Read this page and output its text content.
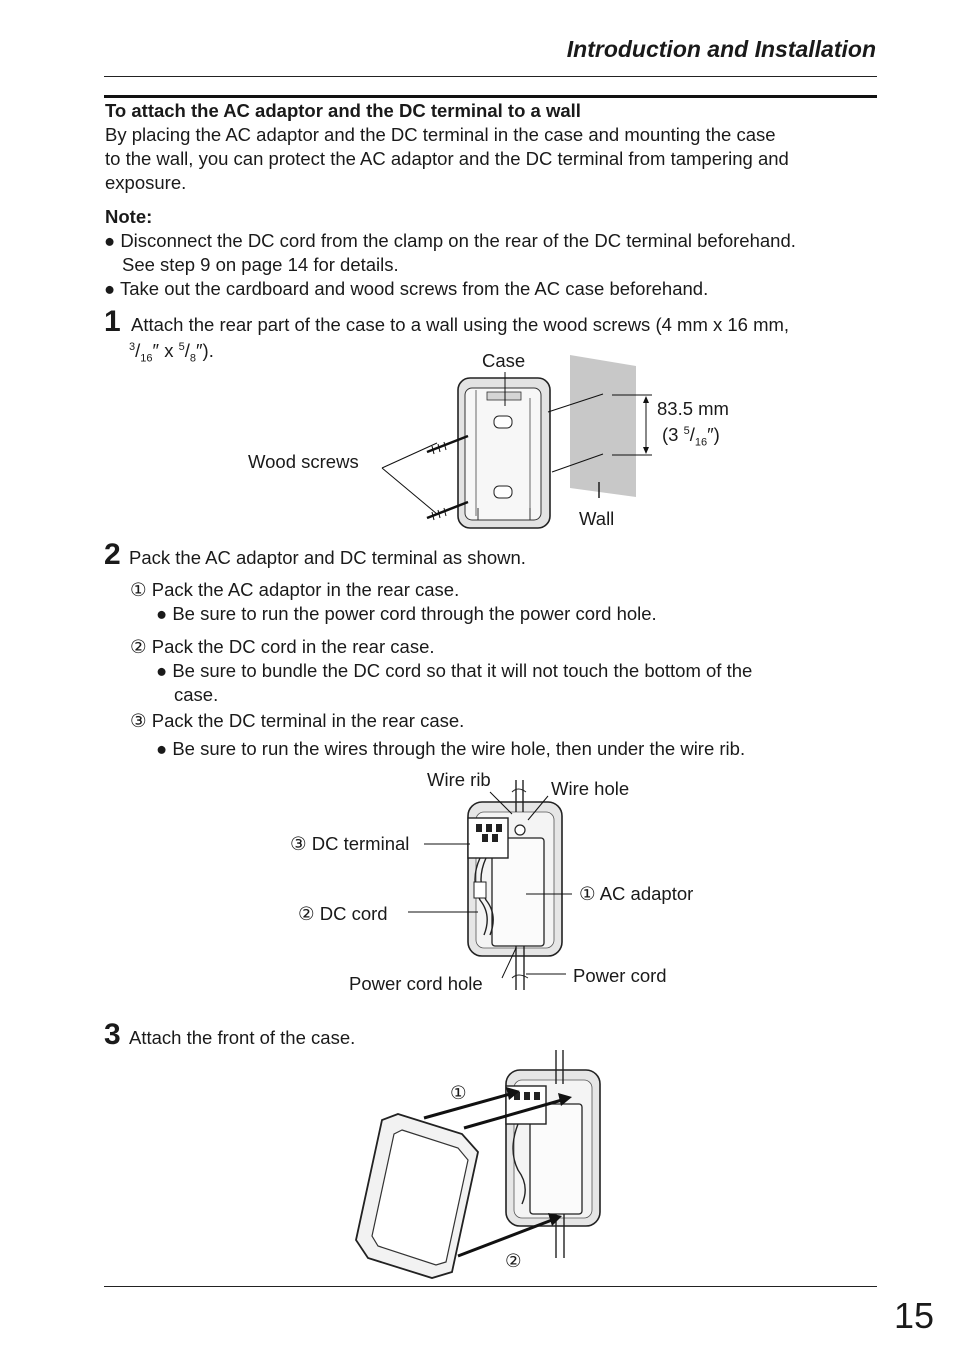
Introduction and Installation
To attach the AC adaptor and the DC terminal to a wall
By placing the AC adaptor and the DC terminal in the case and mounting the case
to the wall, you can protect the AC adaptor and the DC terminal from tampering and
exposure.
Note:
● Disconnect the DC cord from the clamp on the rear of the DC terminal beforehand.
See step 9 on page 14 for details.
● Take out the cardboard and wood screws from the AC case beforehand.
1 Attach the rear part of the case to a wall using the wood screws (4 mm x 16 mm,
$^3/_{16}''$ x $^5/_8''$).	Case
Wood screws
83.5 mm
(3 $^5/_{16}''$)
Wall
2 Pack the AC adaptor and DC terminal as shown.
① Pack the AC adaptor in the rear case.
● Be sure to run the power cord through the power cord hole.
② Pack the DC cord in the rear case.
● Be sure to bundle the DC cord so that it will not touch the bottom of the
case.
③ Pack the DC terminal in the rear case.
● Be sure to run the wires through the wire hole, then under the wire rib.
Wire rib	Wire hole
③ DC terminal
① AC adaptor
② DC cord
Power cord hole	Power cord
3 Attach the front of the case.
①
②
15
